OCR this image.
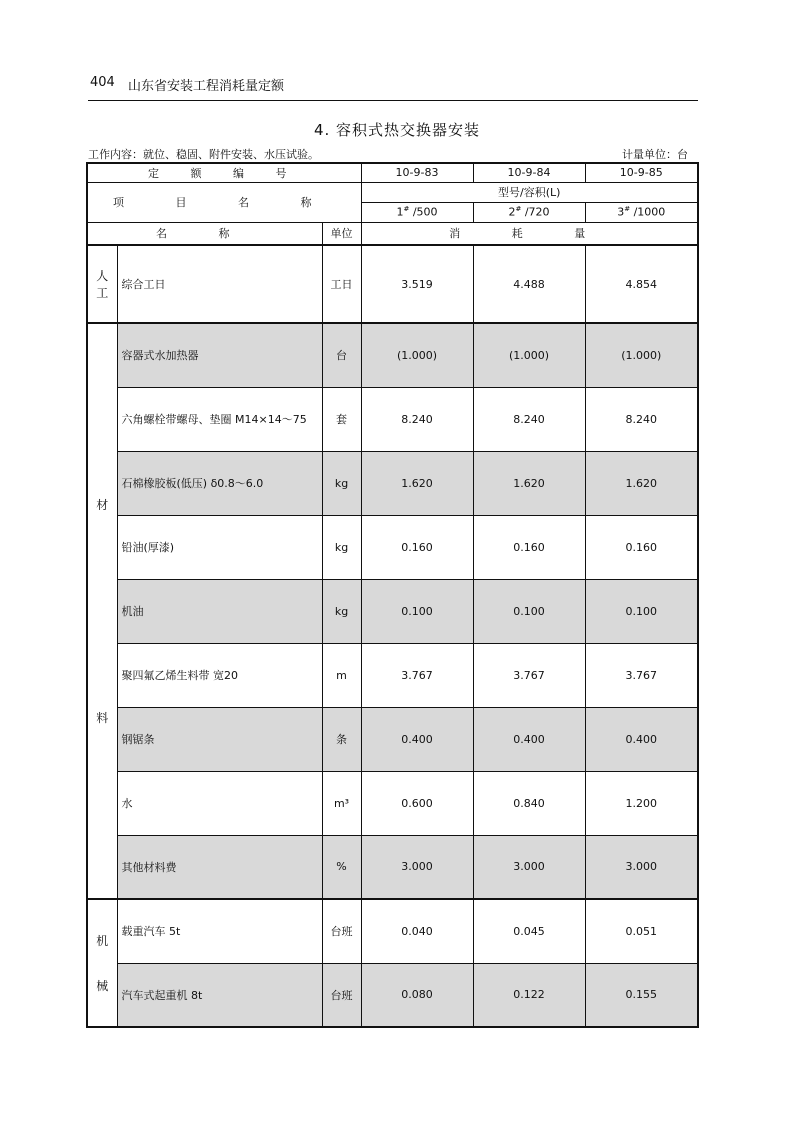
404 山东省安装工程消耗量定额
4. 容积式热交换器安装
工作内容：就位、稳固、附件安装、水压试验。	计量单位：台
定 额 编 号			10-9-83	10-9-84	10-9-85
项 目 名 称			型号/容积(L)		
			1# /500	2# /720	3# /1000
名 称		单位	消 耗 量		
人
工	综合工日	工日	3.519	4.488	4.854
材

料	容器式水加热器	台	(1.000)	(1.000)	(1.000)
	六角螺栓带螺母、垫圈 M14×14～75	套	8.240	8.240	8.240
	石棉橡胶板(低压) δ0.8～6.0	kg	1.620	1.620	1.620
	铅油(厚漆)	kg	0.160	0.160	0.160
	机油	kg	0.100	0.100	0.100
	聚四氟乙烯生料带 宽20	m	3.767	3.767	3.767
	钢锯条	条	0.400	0.400	0.400
	水	m³	0.600	0.840	1.200
	其他材料费	%	3.000	3.000	3.000
机

械	载重汽车 5t	台班	0.040	0.045	0.051
	汽车式起重机 8t	台班	0.080	0.122	0.155
